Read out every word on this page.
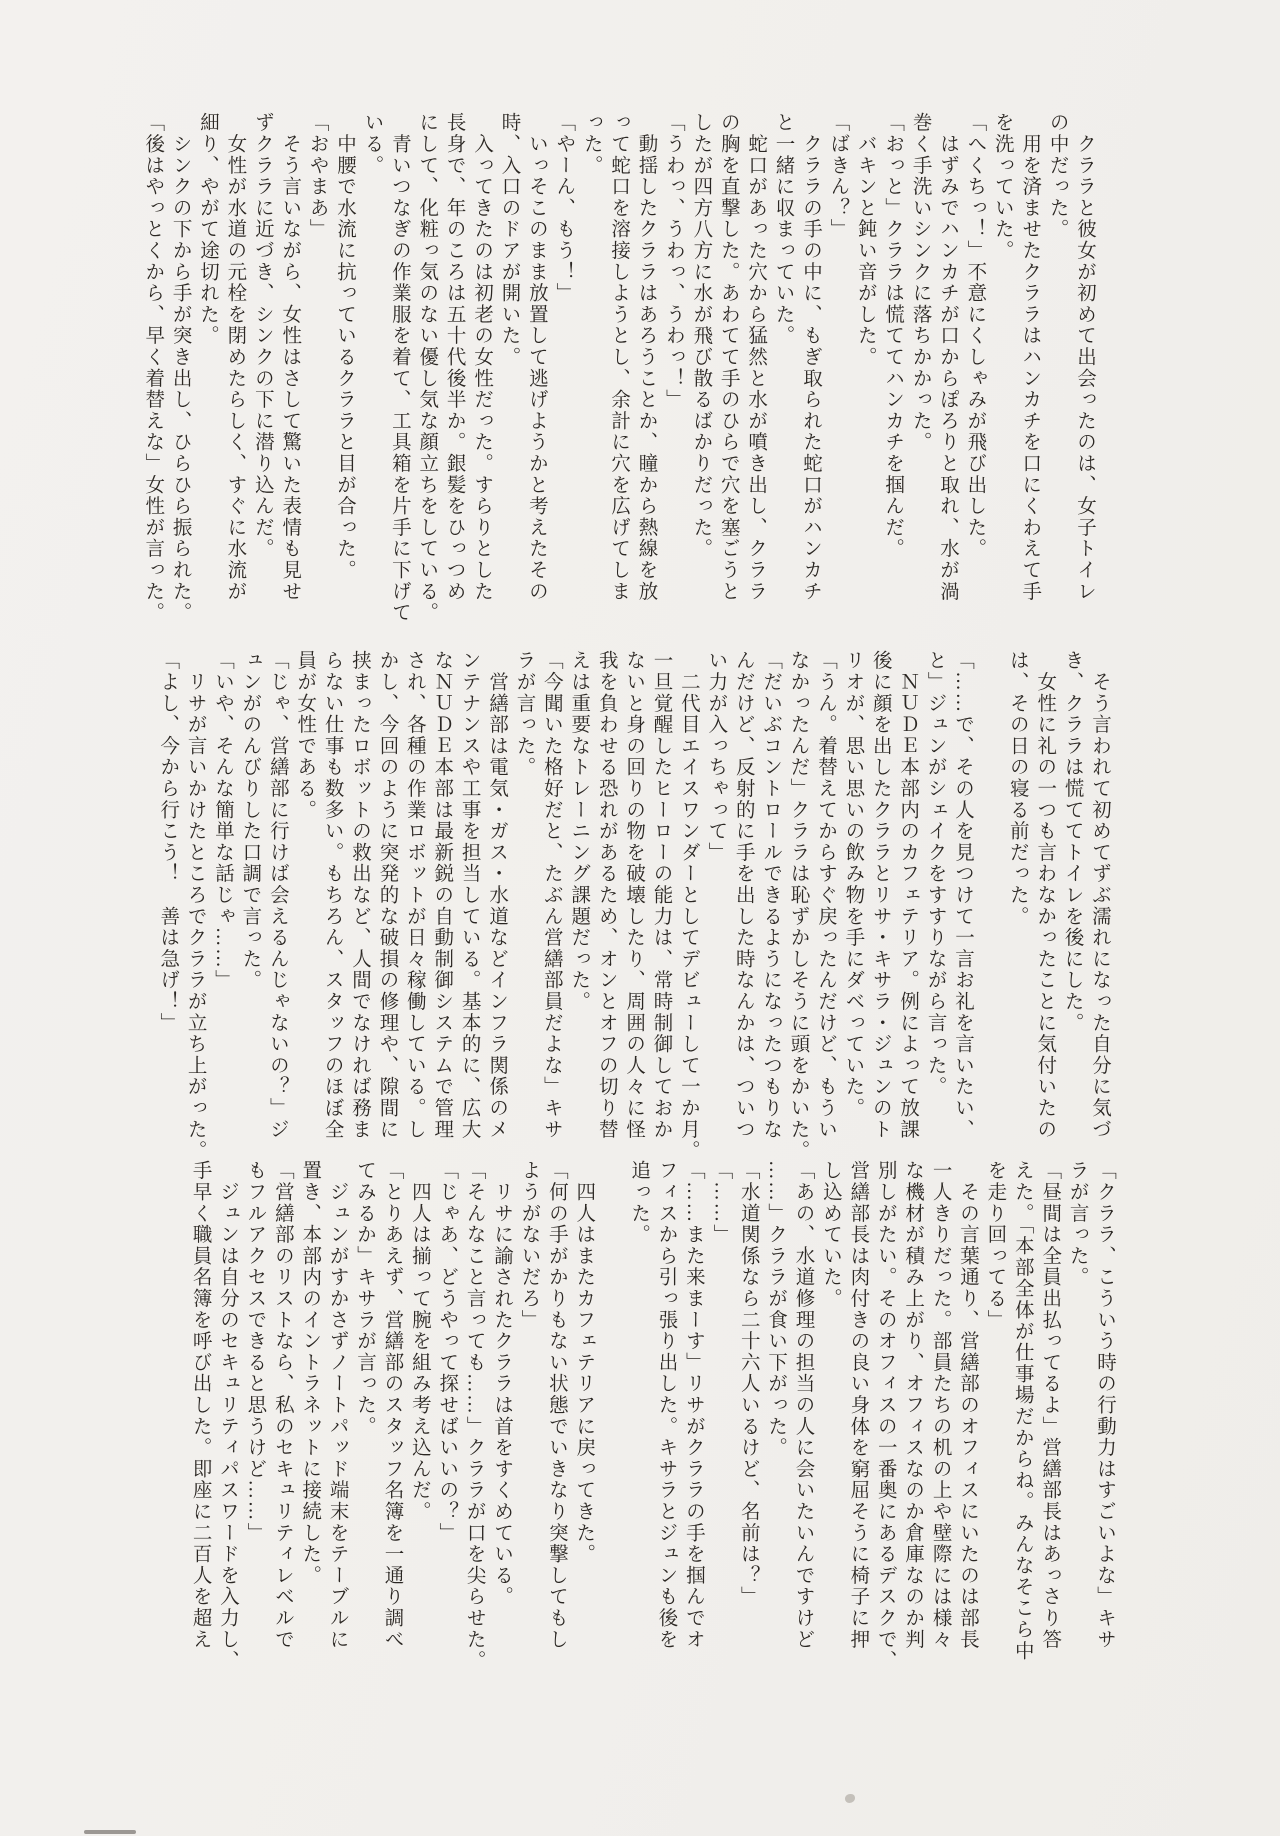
　クララと彼女が初めて出会ったのは、女子トイレ
の中だった。
　用を済ませたクララはハンカチを口にくわえて手
を洗っていた。
「へくちっ！」不意にくしゃみが飛び出した。
　はずみでハンカチが口からぽろりと取れ、水が渦
巻く手洗いシンクに落ちかかった。
「おっと」クララは慌ててハンカチを掴んだ。
　バキンと鈍い音がした。
「ばきん？」
　クララの手の中に、もぎ取られた蛇口がハンカチ
と一緒に収まっていた。
　蛇口があった穴から猛然と水が噴き出し、クララ
の胸を直撃した。あわてて手のひらで穴を塞ごうと
したが四方八方に水が飛び散るばかりだった。
「うわっ、うわっ、うわっ！」
　動揺したクララはあろうことか、瞳から熱線を放
って蛇口を溶接しようとし、余計に穴を広げてしま
った。
「やーん、もう！」
　いっそこのまま放置して逃げようかと考えたその
時、入口のドアが開いた。
　入ってきたのは初老の女性だった。すらりとした
長身で、年のころは五十代後半か。銀髪をひっつめ
にして、化粧っ気のない優し気な顔立ちをしている。
　青いつなぎの作業服を着て、工具箱を片手に下げて
いる。
　中腰で水流に抗っているクララと目が合った。
「おやまあ」
　そう言いながら、女性はさして驚いた表情も見せ
ずクララに近づき、シンクの下に潜り込んだ。
　女性が水道の元栓を閉めたらしく、すぐに水流が
細り、やがて途切れた。
　シンクの下から手が突き出し、ひらひら振られた。
「後はやっとくから、早く着替えな」女性が言った。
　そう言われて初めてずぶ濡れになった自分に気づ
き、クララは慌ててトイレを後にした。
　女性に礼の一つも言わなかったことに気付いたの
は、その日の寝る前だった。
「……で、その人を見つけて一言お礼を言いたい、
と」ジュンがシェイクをすすりながら言った。
　ＮＵＤＥ本部内のカフェテリア。例によって放課
後に顔を出したクララとリサ・キサラ・ジュンのト
リオが、思い思いの飲み物を手にダベっていた。
「うん。着替えてからすぐ戻ったんだけど、もうい
なかったんだ」クララは恥ずかしそうに頭をかいた。
「だいぶコントロールできるようになったつもりな
んだけど、反射的に手を出した時なんかは、ついつ
い力が入っちゃって」
　二代目エイスワンダーとしてデビューして一か月。
一旦覚醒したヒーローの能力は、常時制御しておか
ないと身の回りの物を破壊したり、周囲の人々に怪
我を負わせる恐れがあるため、オンとオフの切り替
えは重要なトレーニング課題だった。
「今聞いた格好だと、たぶん営繕部員だよな」キサ
ラが言った。
　営繕部は電気・ガス・水道などインフラ関係のメ
ンテナンスや工事を担当している。基本的に、広大
なＮＵＤＥ本部は最新鋭の自動制御システムで管理
され、各種の作業ロボットが日々稼働している。し
かし、今回のように突発的な破損の修理や、隙間に
挟まったロボットの救出など、人間でなければ務ま
らない仕事も数多い。もちろん、スタッフのほぼ全
員が女性である。
「じゃ、営繕部に行けば会えるんじゃないの？」ジ
ュンがのんびりした口調で言った。
「いや、そんな簡単な話じゃ……」
　リサが言いかけたところでクララが立ち上がった。
「よし、今から行こう！　善は急げ！」
「クララ、こういう時の行動力はすごいよな」キサ
ラが言った。
「昼間は全員出払ってるよ」営繕部長はあっさり答
えた。「本部全体が仕事場だからね。みんなそこら中
を走り回ってる」
　その言葉通り、営繕部のオフィスにいたのは部長
一人きりだった。部員たちの机の上や壁際には様々
な機材が積み上がり、オフィスなのか倉庫なのか判
別しがたい。そのオフィスの一番奥にあるデスクで、
営繕部長は肉付きの良い身体を窮屈そうに椅子に押
し込めていた。
「あの、水道修理の担当の人に会いたいんですけど
……」クララが食い下がった。
「水道関係なら二十六人いるけど、名前は？」
「……」
「……また来まーす」リサがクララの手を掴んでオ
フィスから引っ張り出した。キサラとジュンも後を
追った。
　四人はまたカフェテリアに戻ってきた。
「何の手がかりもない状態でいきなり突撃してもし
ようがないだろ」
　リサに諭されたクララは首をすくめている。
「そんなこと言っても……」クララが口を尖らせた。
「じゃあ、どうやって探せばいいの？」
　四人は揃って腕を組み考え込んだ。
「とりあえず、営繕部のスタッフ名簿を一通り調べ
てみるか」キサラが言った。
　ジュンがすかさずノートパッド端末をテーブルに
置き、本部内のイントラネットに接続した。
「営繕部のリストなら、私のセキュリティレベルで
もフルアクセスできると思うけど……」
　ジュンは自分のセキュリティパスワードを入力し、
手早く職員名簿を呼び出した。即座に二百人を超え
